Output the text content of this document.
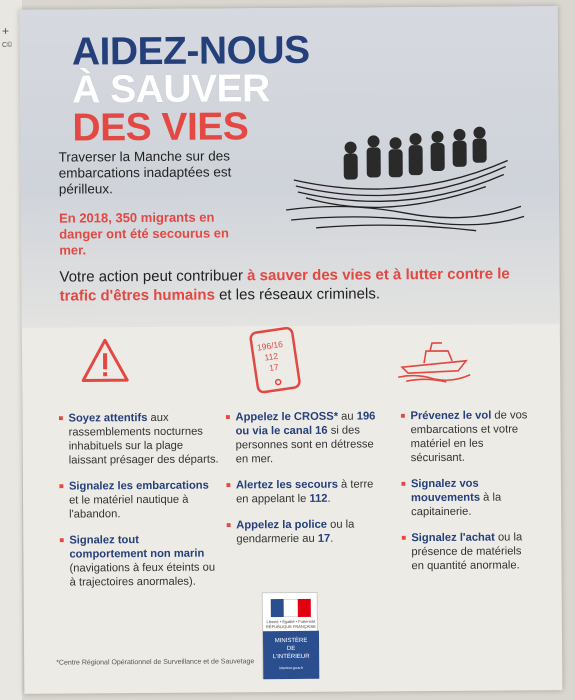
C©
+ AIDEZ-NOUS
À SAUVER
DES VIES
Traverser la Manche sur des embarcations inadaptées est périlleux.
En 2018, 350 migrants en danger ont été secourus en mer.
Votre action peut contribuer à sauver des vies et à lutter contre le trafic d'êtres humains et les réseaux criminels.
196/16
112
17
■ Soyez attentifs aux rassemblements nocturnes inhabituels sur la plage laissant présager des départs.
■ Signalez les embarcations et le matériel nautique à l'abandon.
■ Signalez tout comportement non marin (navigations à feux éteints ou à trajectoires anormales).
■ Appelez le CROSS* au 196 ou via le canal 16 si des personnes sont en détresse en mer.
■ Alertez les secours à terre en appelant le 112.
■ Appelez la police ou la gendarmerie au 17.
■ Prévenez le vol de vos embarcations et votre matériel en les sécurisant.
■ Signalez vos mouvements à la capitainerie.
■ Signalez l'achat ou la présence de matériels en quantité anormale.
*Centre Régional Opérationnel de Surveillance et de Sauvetage
Liberté • Égalité • Fraternité RÉPUBLIQUE FRANÇAISE
MINISTÈRE
DE
L'INTÉRIEUR
interieur.gouv.fr
